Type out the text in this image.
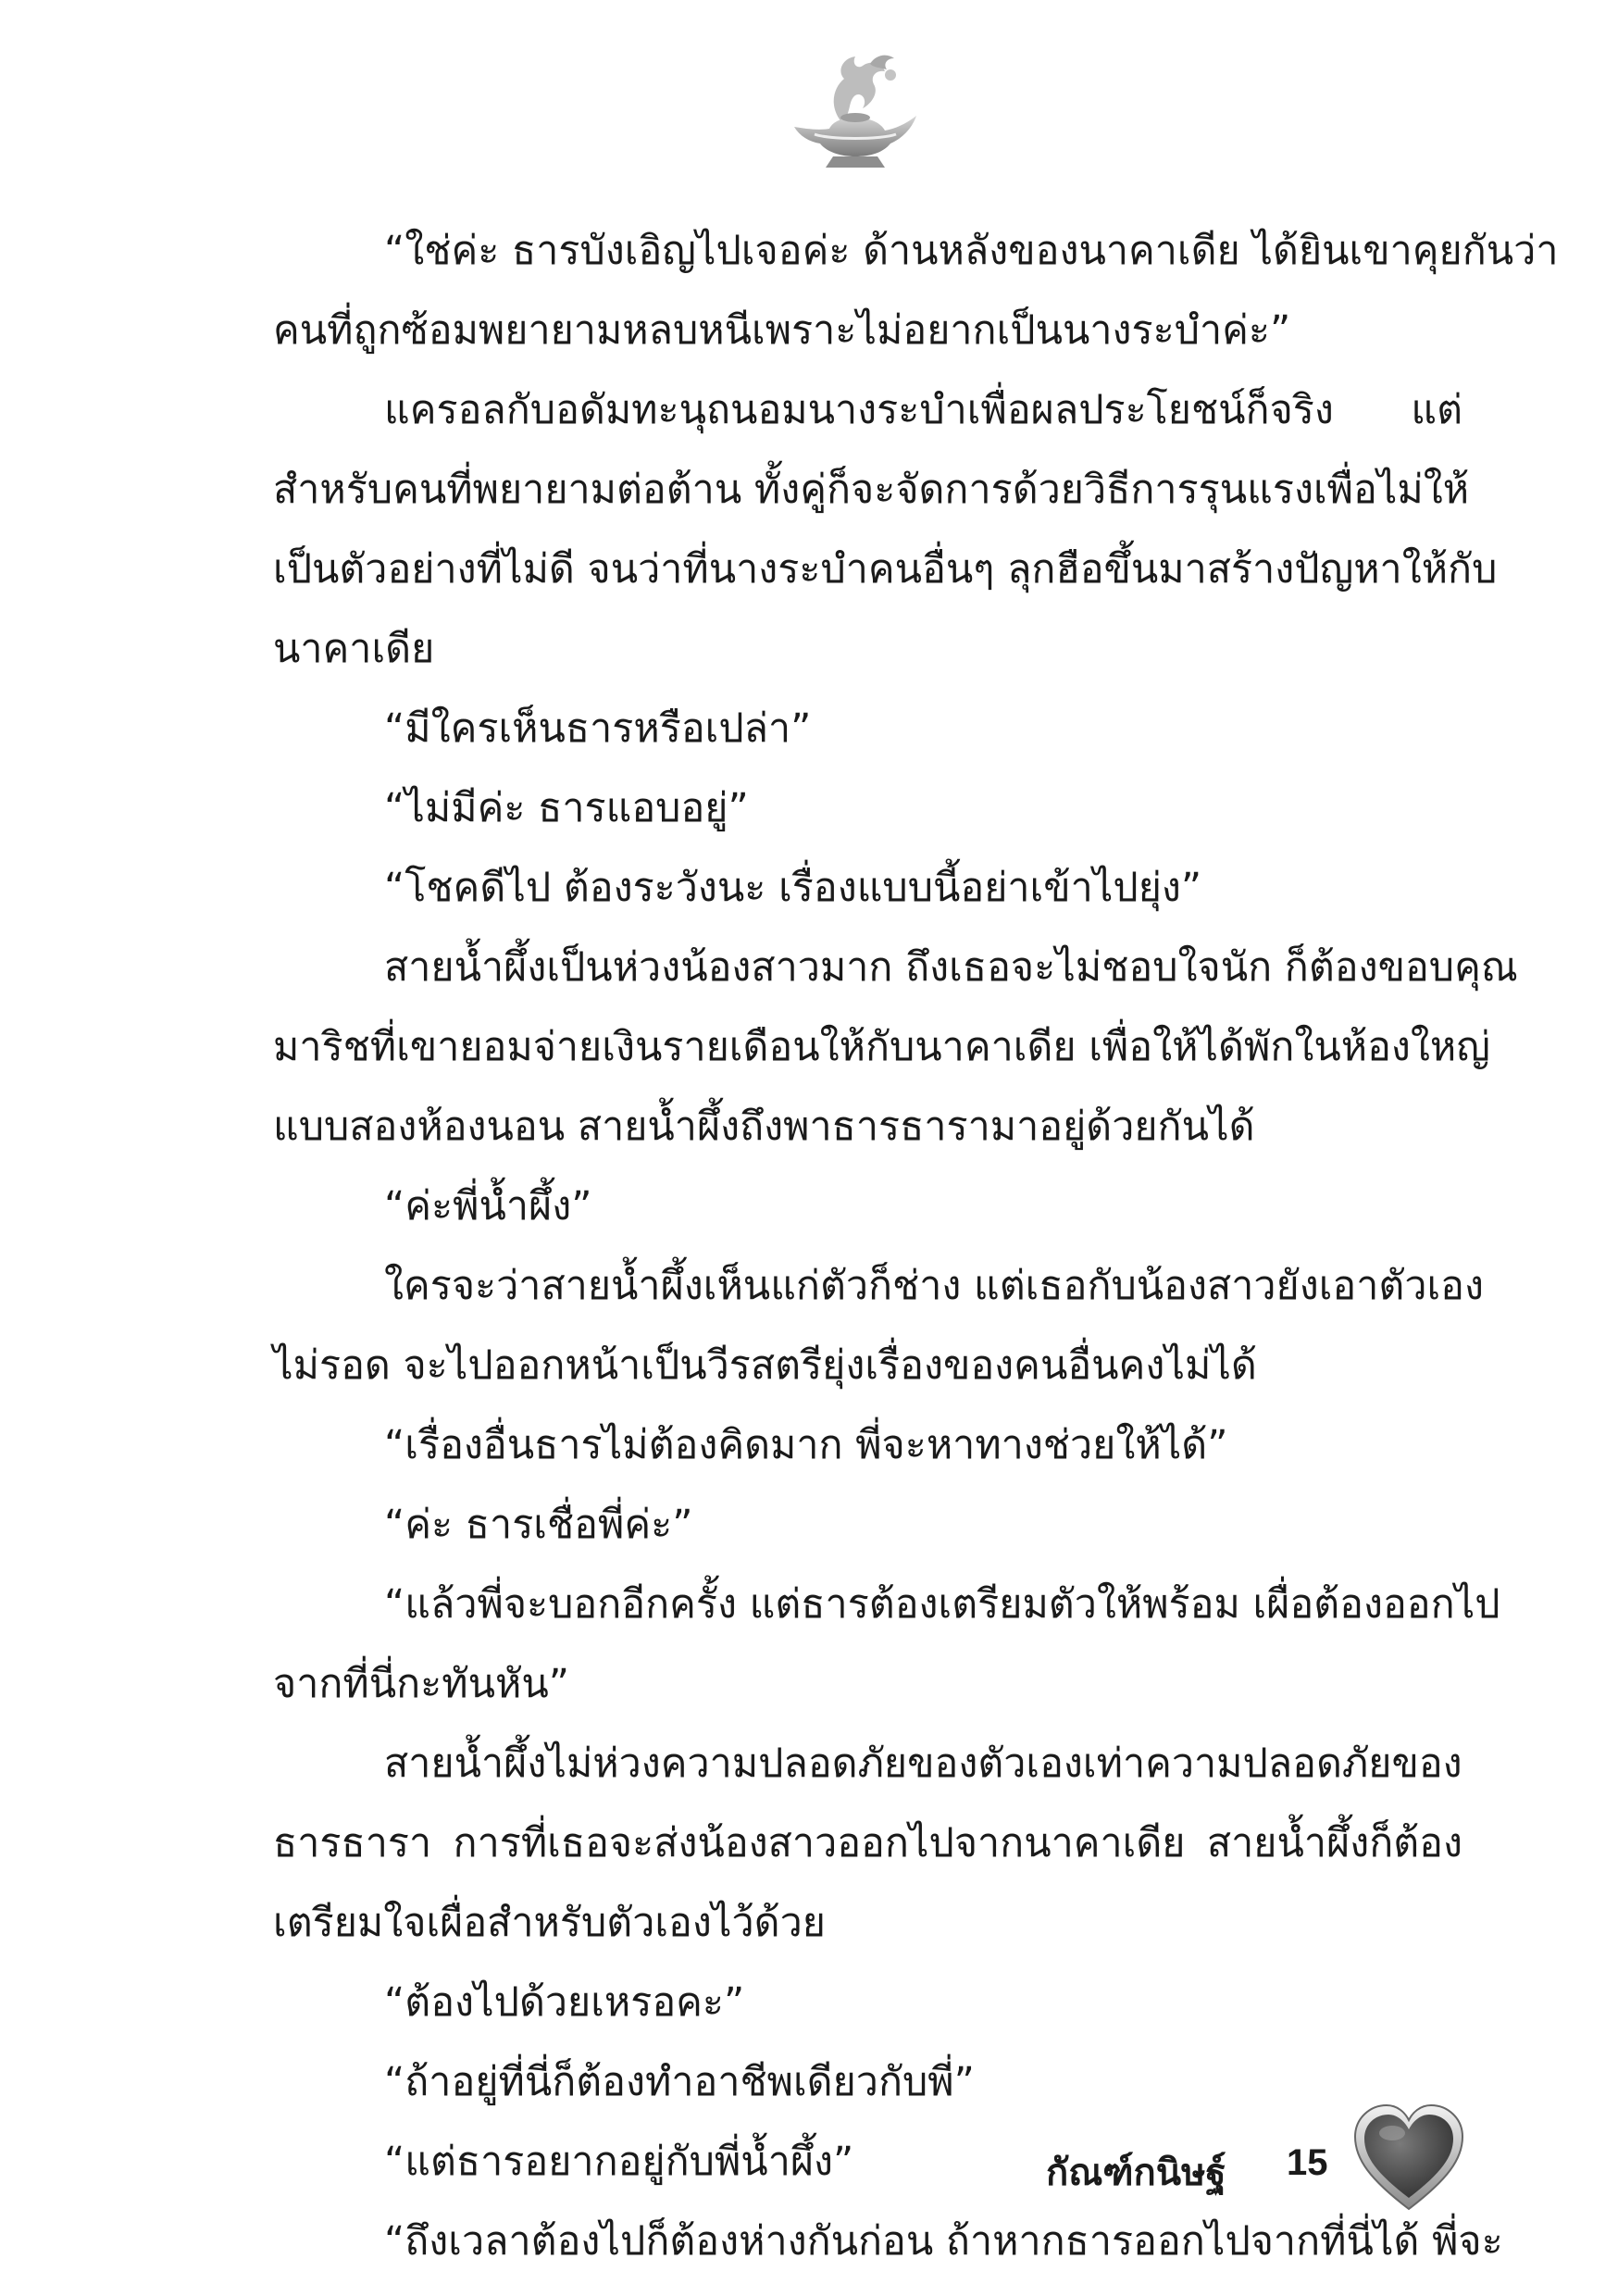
“ใช่ค่ะ ธารบังเอิญไปเจอค่ะ ด้านหลังของนาคาเดีย ได้ยินเขาคุยกันว่า
คนที่ถูกซ้อมพยายามหลบหนีเพราะไม่อยากเป็นนางระบำค่ะ”
แครอลกับอดัมทะนุถนอมนางระบำเพื่อผลประโยชน์ก็จริง แต่
สำหรับคนที่พยายามต่อต้าน ทั้งคู่ก็จะจัดการด้วยวิธีการรุนแรงเพื่อไม่ให้
เป็นตัวอย่างที่ไม่ดี จนว่าที่นางระบำคนอื่นๆ ลุกฮือขึ้นมาสร้างปัญหาให้กับ
นาคาเดีย
“มีใครเห็นธารหรือเปล่า”
“ไม่มีค่ะ ธารแอบอยู่”
“โชคดีไป ต้องระวังนะ เรื่องแบบนี้อย่าเข้าไปยุ่ง”
สายน้ำผึ้งเป็นห่วงน้องสาวมาก ถึงเธอจะไม่ชอบใจนัก ก็ต้องขอบคุณ
มาริชที่เขายอมจ่ายเงินรายเดือนให้กับนาคาเดีย เพื่อให้ได้พักในห้องใหญ่
แบบสองห้องนอน สายน้ำผึ้งถึงพาธารธารามาอยู่ด้วยกันได้
“ค่ะพี่น้ำผึ้ง”
ใครจะว่าสายน้ำผึ้งเห็นแก่ตัวก็ช่าง แต่เธอกับน้องสาวยังเอาตัวเอง
ไม่รอด จะไปออกหน้าเป็นวีรสตรียุ่งเรื่องของคนอื่นคงไม่ได้
“เรื่องอื่นธารไม่ต้องคิดมาก พี่จะหาทางช่วยให้ได้”
“ค่ะ ธารเชื่อพี่ค่ะ”
“แล้วพี่จะบอกอีกครั้ง แต่ธารต้องเตรียมตัวให้พร้อม เผื่อต้องออกไป
จากที่นี่กะทันหัน”
สายน้ำผึ้งไม่ห่วงความปลอดภัยของตัวเองเท่าความปลอดภัยของ
ธารธารา การที่เธอจะส่งน้องสาวออกไปจากนาคาเดีย สายน้ำผึ้งก็ต้อง
เตรียมใจเผื่อสำหรับตัวเองไว้ด้วย
“ต้องไปด้วยเหรอคะ”
“ถ้าอยู่ที่นี่ก็ต้องทำอาชีพเดียวกับพี่”
“แต่ธารอยากอยู่กับพี่น้ำผึ้ง”
“ถึงเวลาต้องไปก็ต้องห่างกันก่อน ถ้าหากธารออกไปจากที่นี่ได้ พี่จะ
กัณฑ์กนิษฐ์ 15
